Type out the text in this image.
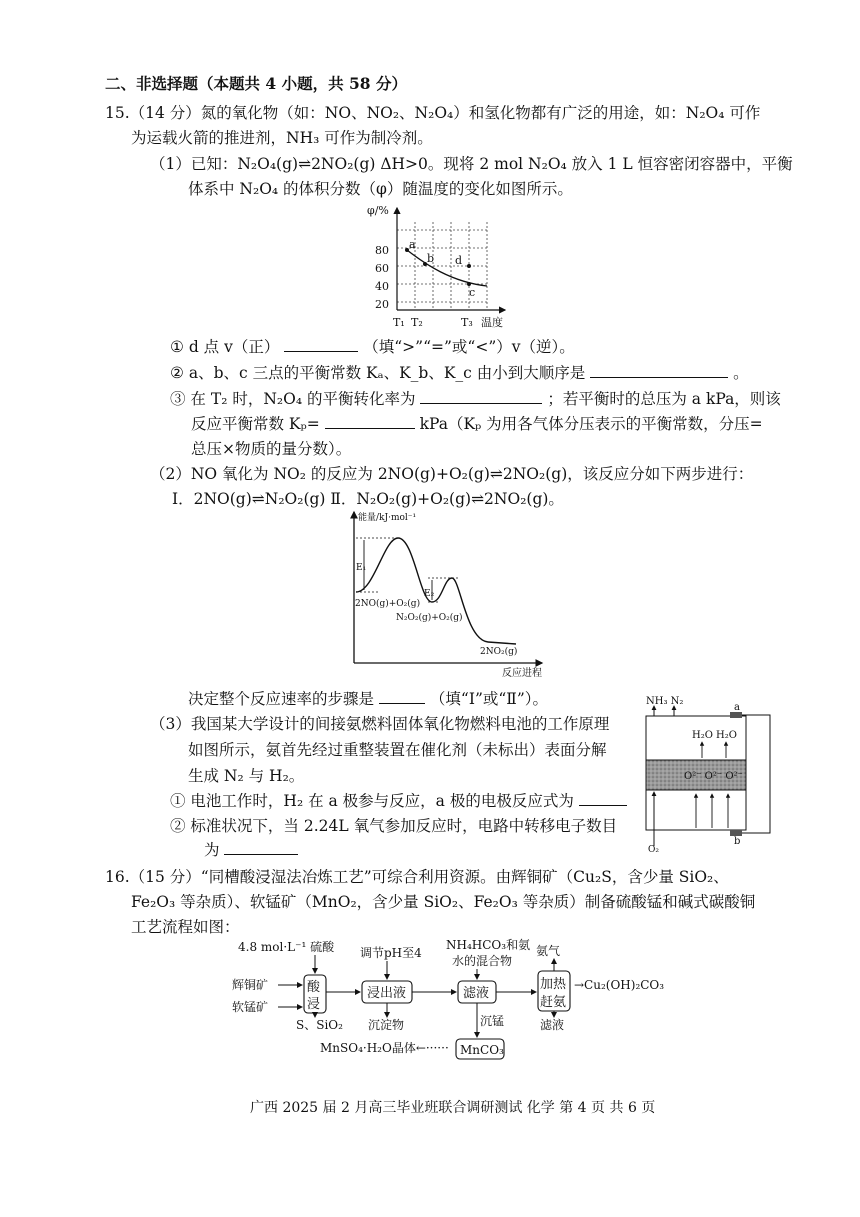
二、非选择题（本题共 4 小题，共 58 分）
15.（14 分）氮的氧化物（如：NO、NO₂、N₂O₄）和氢化物都有广泛的用途，如：N₂O₄ 可作
为运载火箭的推进剂，NH₃ 可作为制冷剂。
（1）已知：N₂O₄(g)⇌2NO₂(g) ΔH>0。现将 2 mol N₂O₄ 放入 1 L 恒容密闭容器中，平衡
体系中 N₂O₄ 的体积分数（φ）随温度的变化如图所示。
φ/%
80
60
40
20
a
b d
c
T₁ T₂	T₃ 温度
① d 点 v（正）	（填“>”“=”或“<”）v（逆）。
② a、b、c 三点的平衡常数 Kₐ、K_b、K_c 由小到大顺序是	。
③ 在 T₂ 时，N₂O₄ 的平衡转化率为	；若平衡时的总压为 a kPa，则该
反应平衡常数 Kₚ=	kPa（Kₚ 为用各气体分压表示的平衡常数，分压=
总压×物质的量分数）。
（2）NO 氧化为 NO₂ 的反应为 2NO(g)+O₂(g)⇌2NO₂(g)，该反应分如下两步进行：
Ⅰ．2NO(g)⇌N₂O₂(g) Ⅱ．N₂O₂(g)+O₂(g)⇌2NO₂(g)。
能量/kJ·mol⁻¹
E₁
E₂
2NO(g)+O₂(g)
N₂O₂(g)+O₂(g)
2NO₂(g)
反应进程
决定整个反应速率的步骤是	（填“Ⅰ”或“Ⅱ”）。
（3）我国某大学设计的间接氨燃料固体氧化物燃料电池的工作原理
如图所示，氨首先经过重整装置在催化剂（未标出）表面分解
生成 N₂ 与 H₂。
① 电池工作时，H₂ 在 a 极参与反应，a 极的电极反应式为
② 标准状况下，当 2.24L 氧气参加反应时，电路中转移电子数目
为
NH₃ N₂
a
H₂O H₂O
O²⁻ O²⁻ O²⁻
O₂
b
16.（15 分）“同槽酸浸湿法冶炼工艺”可综合利用资源。由辉铜矿（Cu₂S，含少量 SiO₂、
Fe₂O₃ 等杂质）、软锰矿（MnO₂，含少量 SiO₂、Fe₂O₃ 等杂质）制备硫酸锰和碱式碳酸铜
工艺流程如图：
4.8 mol·L⁻¹ 硫酸
辉铜矿
软锰矿
S、SiO₂
调节pH至4
沉淀物
NH₄HCO₃和氨
水的混合物
沉锰
MnSO₄·H₂O晶体←······
氨气
滤液
→Cu₂(OH)₂CO₃
酸
浸
浸出液	滤液
MnCO₃
加热
赶氨
广西 2025 届 2 月高三毕业班联合调研测试 化学 第 4 页 共 6 页
